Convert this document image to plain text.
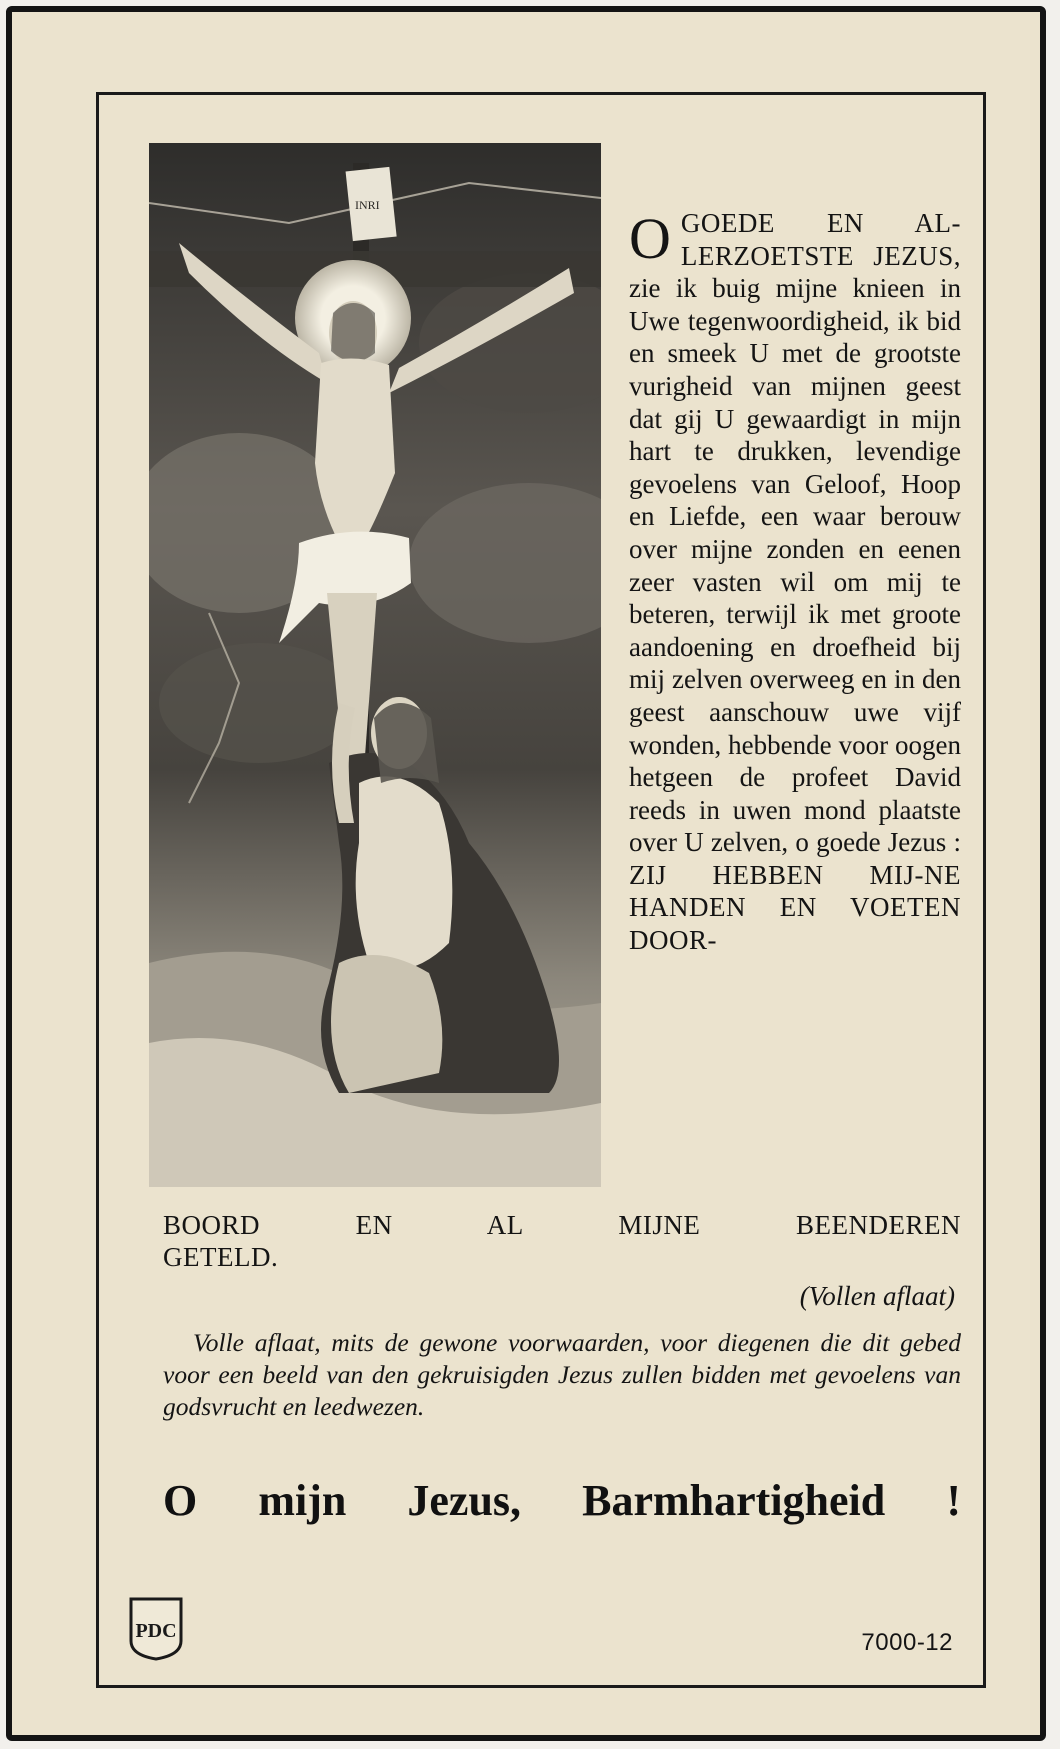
INRI

O GOEDE EN AL-LERZOETSTE JEZUS, zie ik buig mijne knieen in Uwe tegenwoordigheid, ik bid en smeek U met de grootste vurigheid van mijnen geest dat gij U gewaardigt in mijn hart te drukken, levendige gevoelens van Geloof, Hoop en Liefde, een waar berouw over mijne zonden en eenen zeer vasten wil om mij te beteren, terwijl ik met groote aandoening en droefheid bij mij zelven overweeg en in den geest aanschouw uwe vijf wonden, hebbende voor oogen hetgeen de profeet David reeds in uwen mond plaatste over U zelven, o goede Jezus : ZIJ HEBBEN MIJ-NE HANDEN EN VOETEN DOOR-

BOORD EN AL MIJNE BEENDEREN

GETELD.

(Vollen aflaat)

Volle aflaat, mits de gewone voorwaarden, voor diegenen die dit gebed voor een beeld van den gekruisigden Jezus zullen bidden met gevoelens van godsvrucht en leedwezen.

O mijn Jezus, Barmhartigheid !

PDC	7000-12
